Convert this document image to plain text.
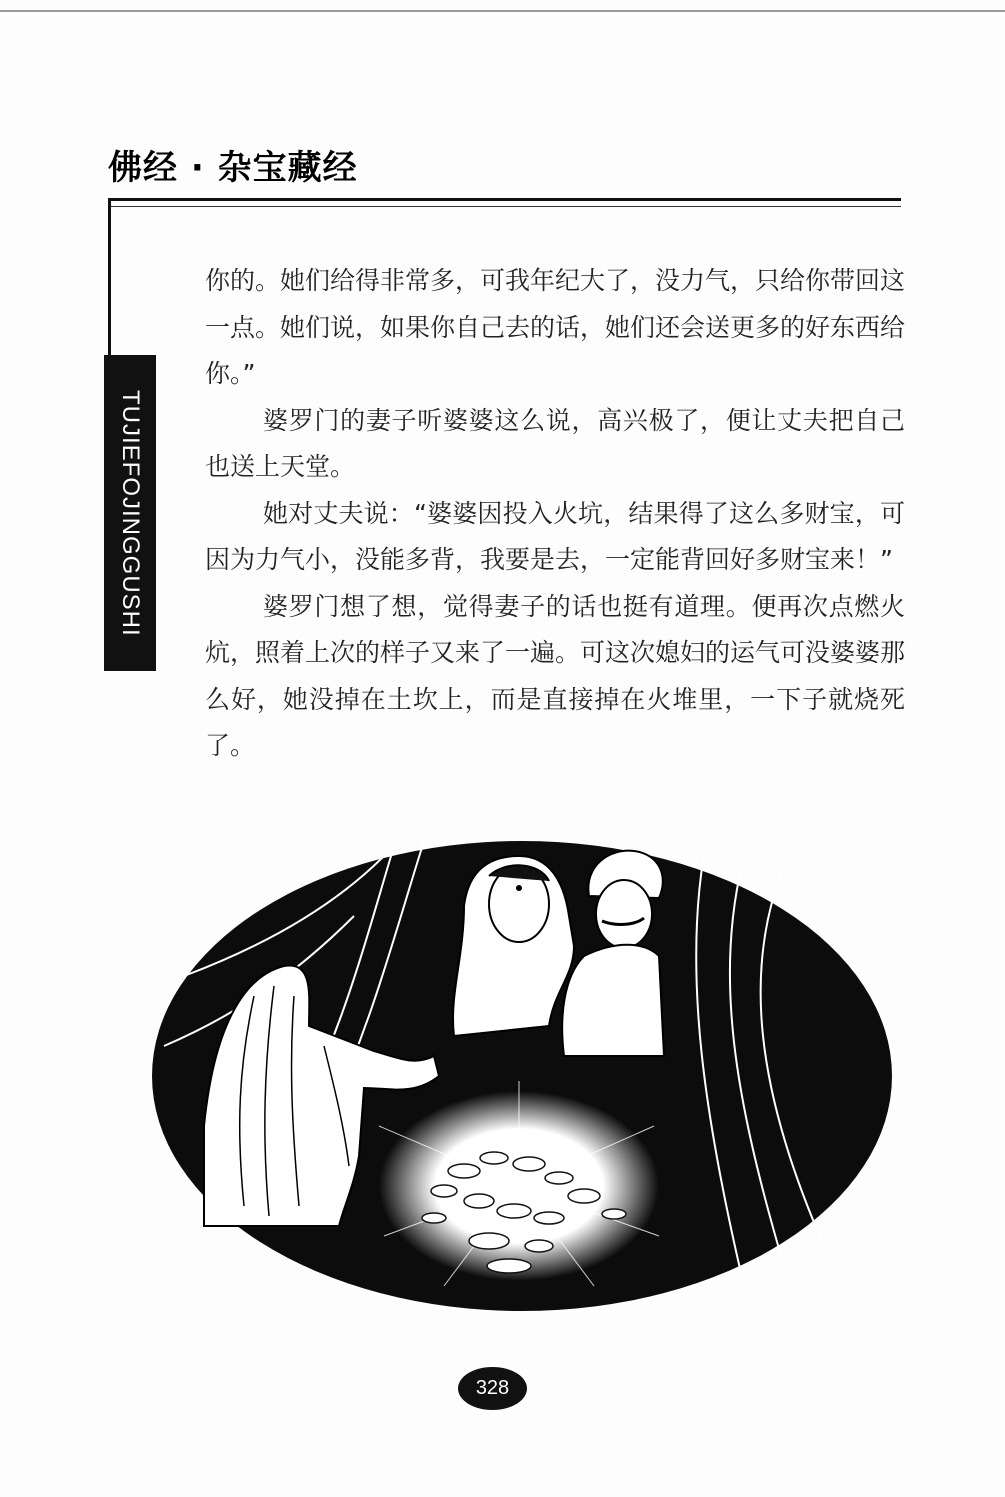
佛经 · 杂宝藏经
TUJIEFOJINGGUSHI

你的。她们给得非常多，可我年纪大了，没力气，只给你带回这一点。她们说，如果你自己去的话，她们还会送更多的好东西给你。”

婆罗门的妻子听婆婆这么说，高兴极了，便让丈夫把自己也送上天堂。

她对丈夫说：“婆婆因投入火坑，结果得了这么多财宝，可因为力气小，没能多背，我要是去，一定能背回好多财宝来！”

婆罗门想了想，觉得妻子的话也挺有道理。便再次点燃火炕，照着上次的样子又来了一遍。可这次媳妇的运气可没婆婆那么好，她没掉在土坎上，而是直接掉在火堆里，一下子就烧死了。

328
